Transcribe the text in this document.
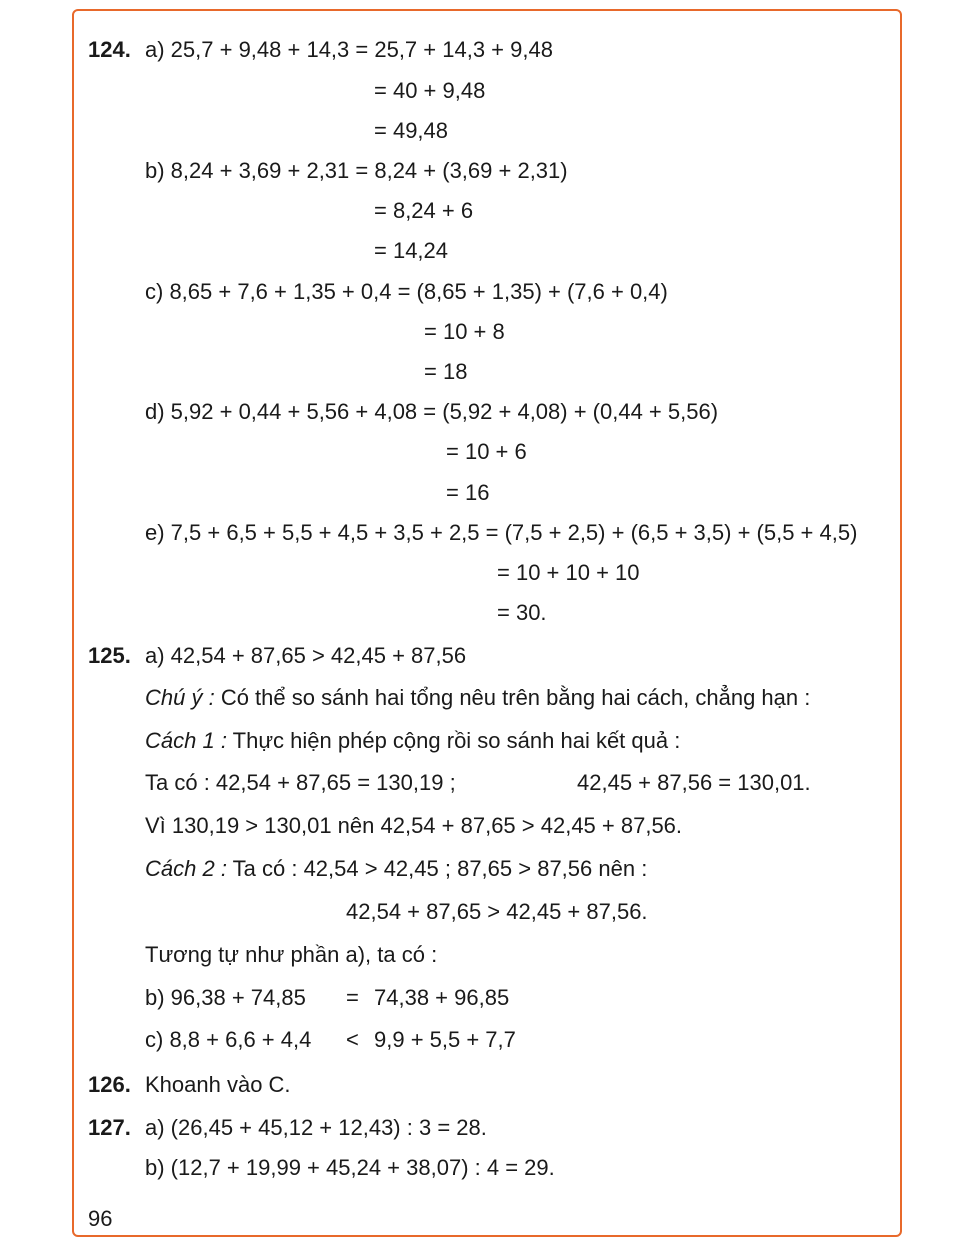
124. a) 25,7 + 9,48 + 14,3 = 25,7 + 14,3 + 9,48
= 40 + 9,48
= 49,48
b) 8,24 + 3,69 + 2,31 = 8,24 + (3,69 + 2,31)
= 8,24 + 6
= 14,24
c) 8,65 + 7,6 + 1,35 + 0,4 = (8,65 + 1,35) + (7,6 + 0,4)
= 10 + 8
= 18
d) 5,92 + 0,44 + 5,56 + 4,08 = (5,92 + 4,08) + (0,44 + 5,56)
= 10 + 6
= 16
e) 7,5 + 6,5 + 5,5 + 4,5 + 3,5 + 2,5 = (7,5 + 2,5) + (6,5 + 3,5) + (5,5 + 4,5)
= 10 + 10 + 10
= 30.
125. a) 42,54 + 87,65 > 42,45 + 87,56
Chú ý : Có thể so sánh hai tổng nêu trên bằng hai cách, chẳng hạn :
Cách 1 : Thực hiện phép cộng rồi so sánh hai kết quả :
Ta có : 42,54 + 87,65 = 130,19 ;	42,45 + 87,56 = 130,01.
Vì 130,19 > 130,01 nên 42,54 + 87,65 > 42,45 + 87,56.
Cách 2 : Ta có : 42,54 > 42,45 ; 87,65 > 87,56 nên :
42,54 + 87,65 > 42,45 + 87,56.
Tương tự như phần a), ta có :
b) 96,38 + 74,85 = 74,38 + 96,85
c) 8,8 + 6,6 + 4,4 < 9,9 + 5,5 + 7,7
126. Khoanh vào C.
127. a) (26,45 + 45,12 + 12,43) : 3 = 28.
b) (12,7 + 19,99 + 45,24 + 38,07) : 4 = 29.
96
